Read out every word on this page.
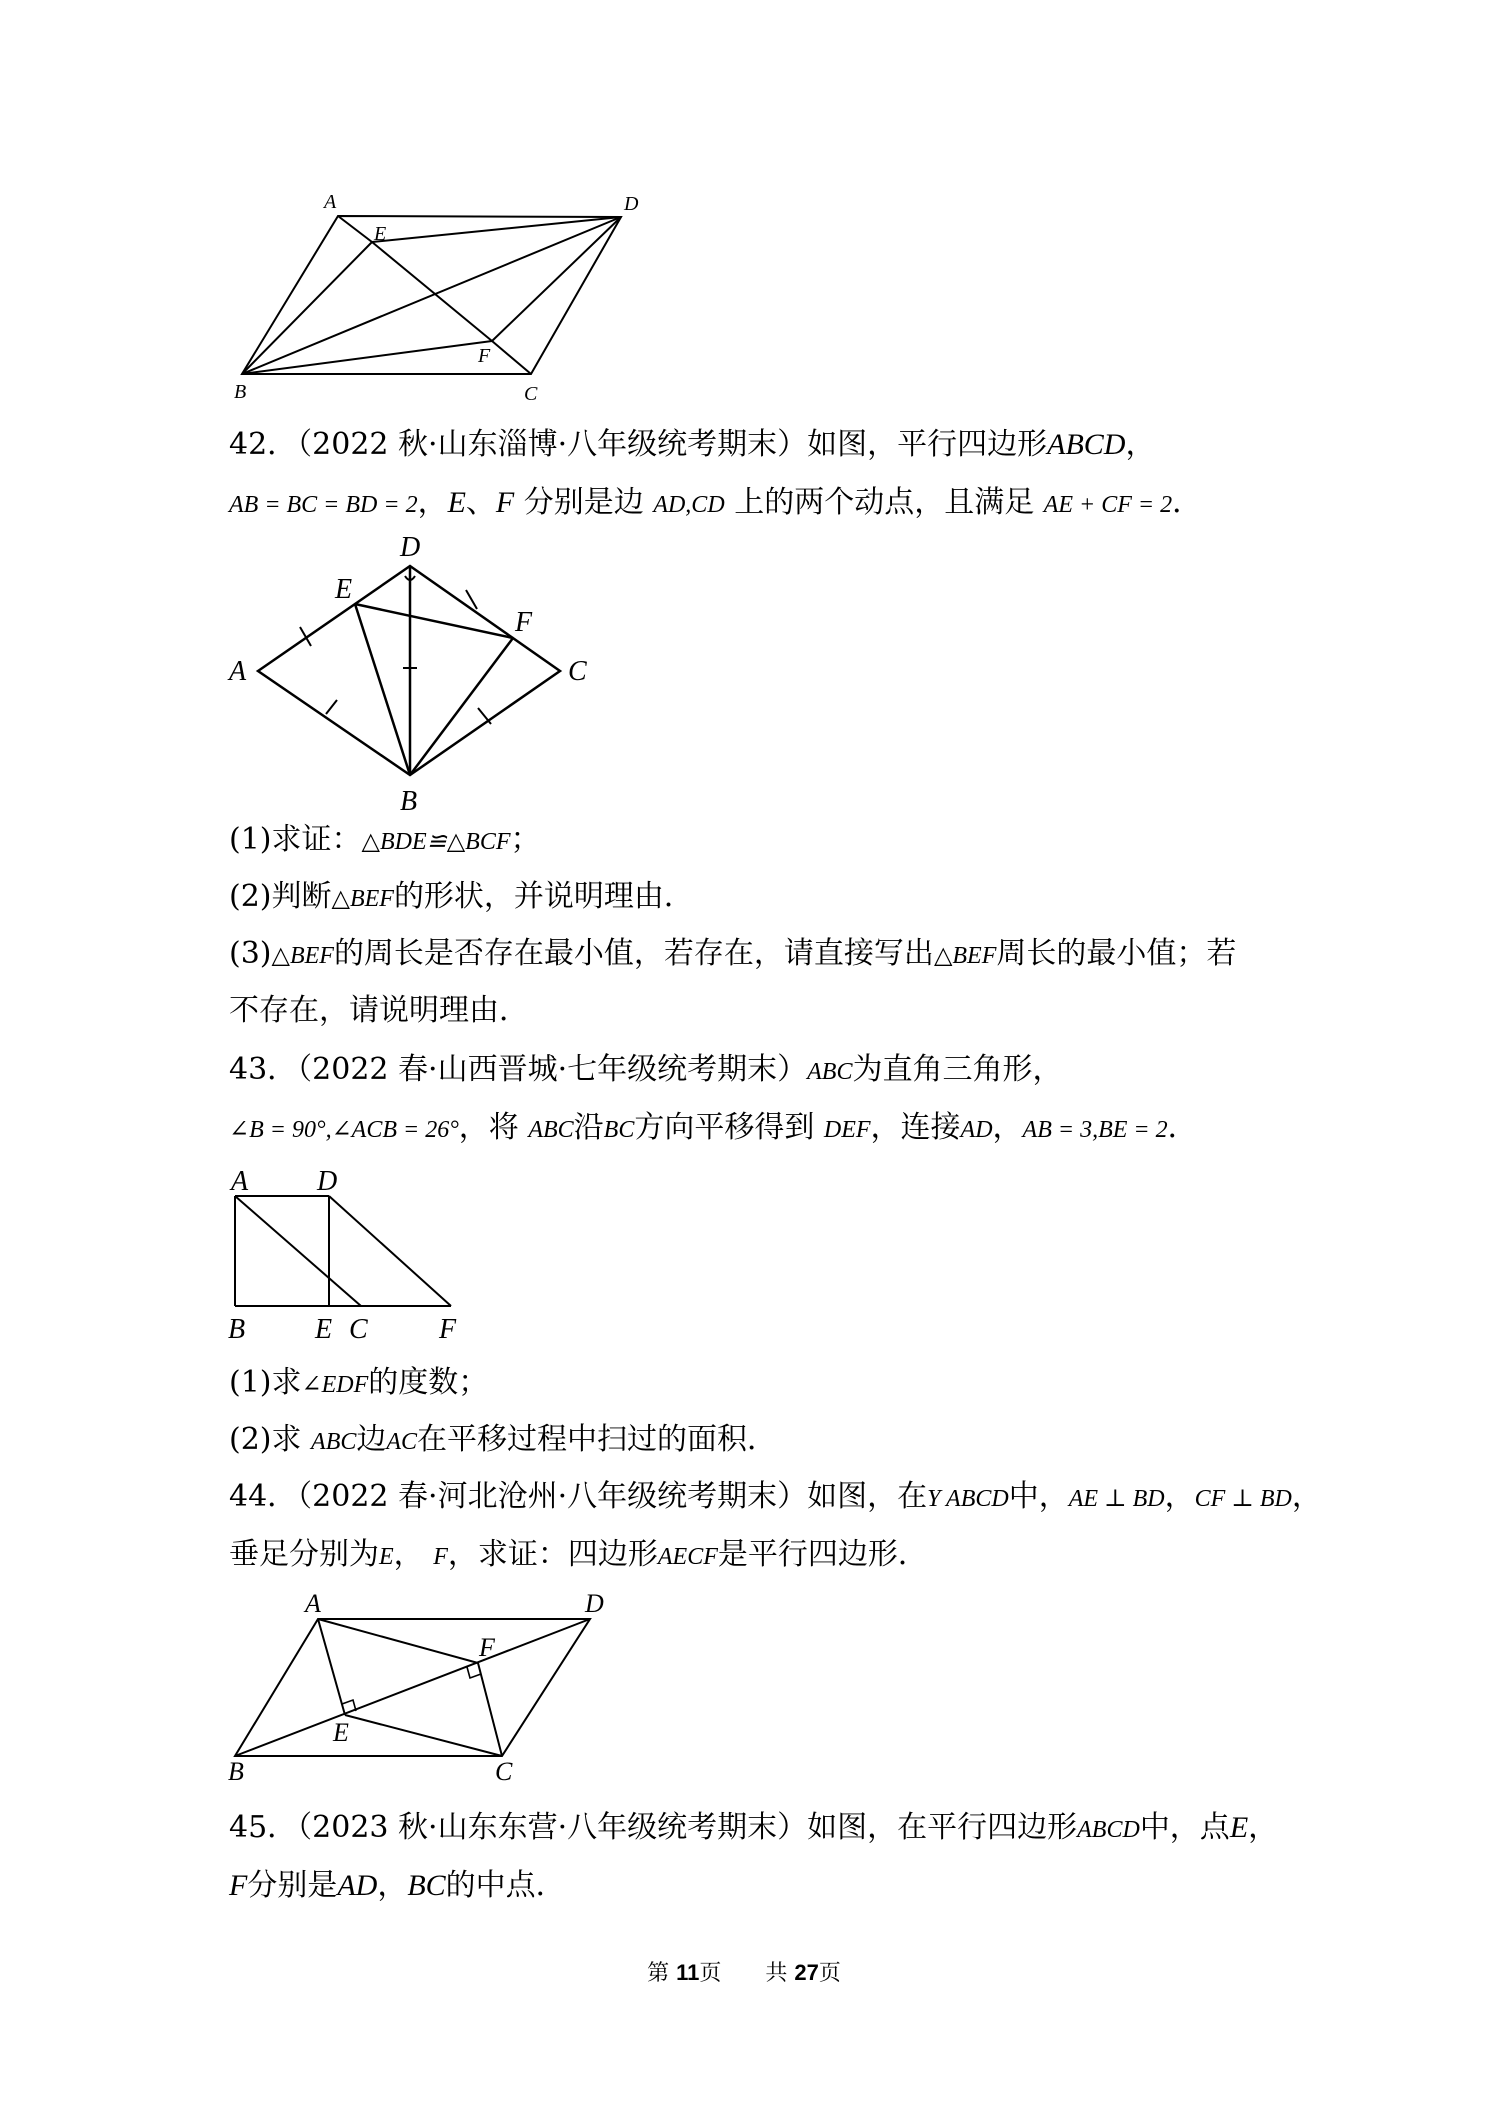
A	D
E
F
B	C
42．（2022 秋·山东淄博·八年级统考期末）如图，平行四边形ABCD，
AB = BC = BD = 2，E、F 分别是边 AD,CD 上的两个动点，且满足 AE + CF = 2．
D
E
F
A	C
B
(1)求证：△BDE≌△BCF；
(2)判断△BEF的形状，并说明理由．
(3)△BEF的周长是否存在最小值，若存在，请直接写出△BEF周长的最小值；若
不存在，请说明理由．
43．（2022 春·山西晋城·七年级统考期末）ABC为直角三角形，
∠B = 90°,∠ACB = 26°，将 ABC沿BC方向平移得到 DEF，连接AD，AB = 3,BE = 2．
A D
B E C	F
(1)求∠EDF的度数；
(2)求 ABC边AC在平移过程中扫过的面积．
44．（2022 春·河北沧州·八年级统考期末）如图，在Y ABCD中，AE ⊥ BD，CF ⊥ BD，
垂足分别为E， F，求证：四边形AECF是平行四边形．
A	D
F
E
B	C
45．（2023 秋·山东东营·八年级统考期末）如图，在平行四边形ABCD中，点E，
F分别是AD，BC的中点．
第 11页　　共 27页
